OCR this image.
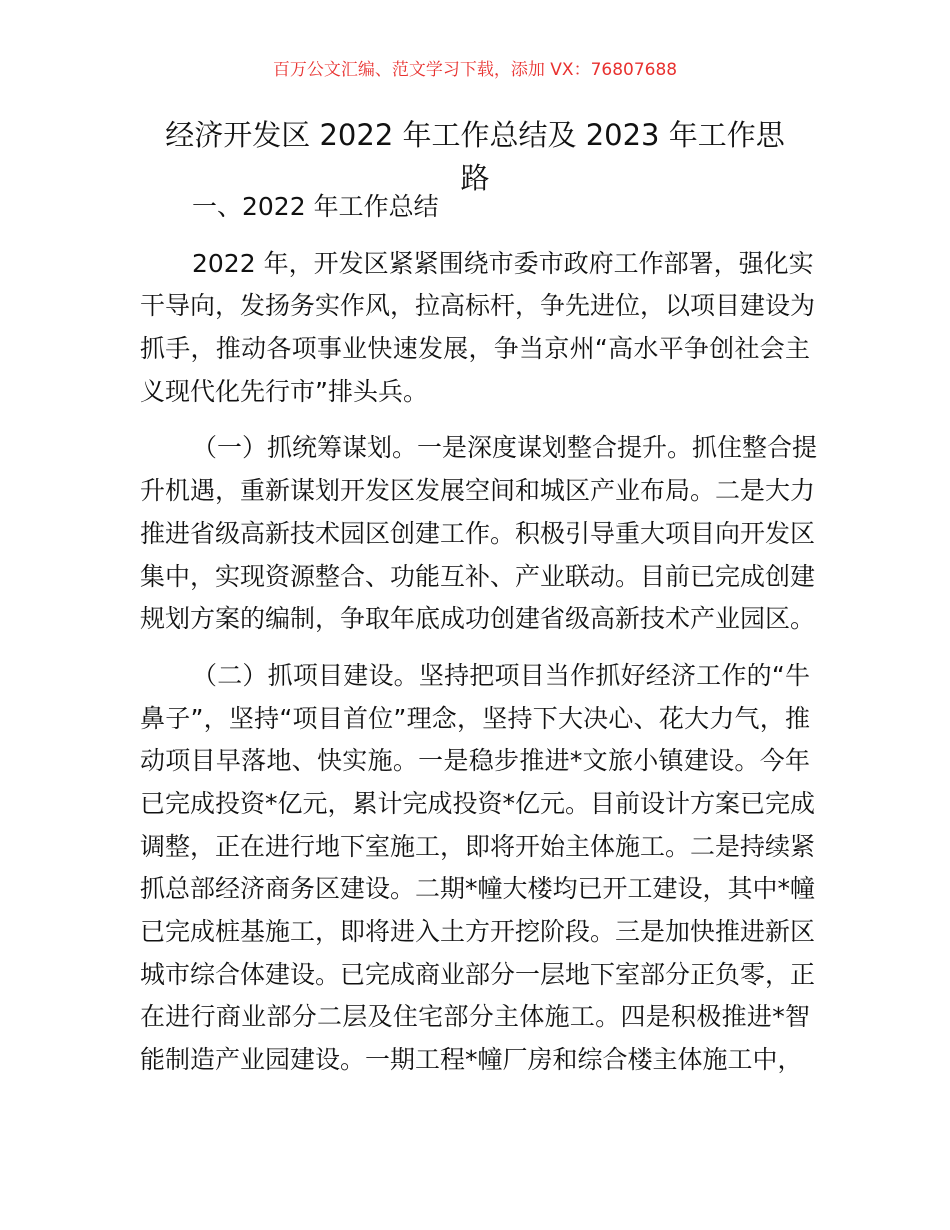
百万公文汇编、范文学习下载，添加 VX：76807688
经济开发区 2022 年工作总结及 2023 年工作思
路
一、2022 年工作总结
2022 年，开发区紧紧围绕市委市政府工作部署，强化实
干导向，发扬务实作风，拉高标杆，争先进位，以项目建设为
抓手，推动各项事业快速发展，争当京州“高水平争创社会主
义现代化先行市”排头兵。
（一）抓统筹谋划。一是深度谋划整合提升。抓住整合提
升机遇，重新谋划开发区发展空间和城区产业布局。二是大力
推进省级高新技术园区创建工作。积极引导重大项目向开发区
集中，实现资源整合、功能互补、产业联动。目前已完成创建
规划方案的编制，争取年底成功创建省级高新技术产业园区。
（二）抓项目建设。坚持把项目当作抓好经济工作的“牛
鼻子”，坚持“项目首位”理念，坚持下大决心、花大力气，推
动项目早落地、快实施。一是稳步推进*文旅小镇建设。今年
已完成投资*亿元，累计完成投资*亿元。目前设计方案已完成
调整，正在进行地下室施工，即将开始主体施工。二是持续紧
抓总部经济商务区建设。二期*幢大楼均已开工建设，其中*幢
已完成桩基施工，即将进入土方开挖阶段。三是加快推进新区
城市综合体建设。已完成商业部分一层地下室部分正负零，正
在进行商业部分二层及住宅部分主体施工。四是积极推进*智
能制造产业园建设。一期工程*幢厂房和综合楼主体施工中，
